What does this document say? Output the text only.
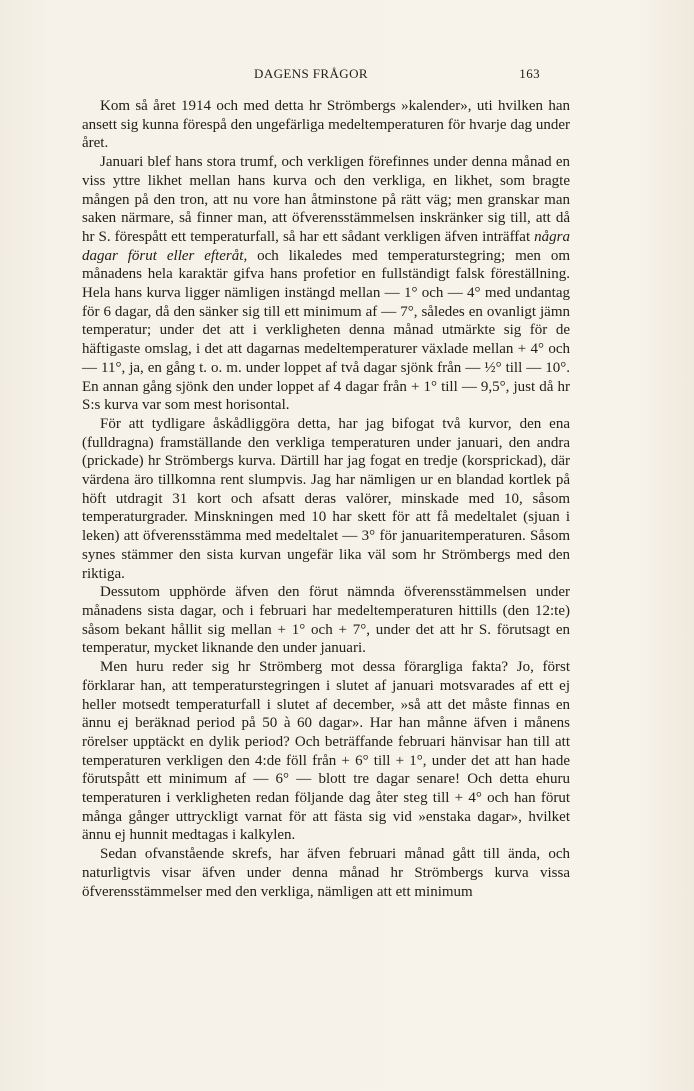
DAGENS FRÅGOR	163

Kom så året 1914 och med detta hr Strömbergs »kalender», uti hvilken han ansett sig kunna förespå den ungefärliga medeltemperaturen för hvarje dag under året.

Januari blef hans stora trumf, och verkligen förefinnes under denna månad en viss yttre likhet mellan hans kurva och den verkliga, en likhet, som bragte mången på den tron, att nu vore han åtminstone på rätt väg; men granskar man saken närmare, så finner man, att öfverensstämmelsen inskränker sig till, att då hr S. förespått ett temperaturfall, så har ett sådant verkligen äfven inträffat några dagar förut eller efteråt, och likaledes med temperaturstegring; men om månadens hela karaktär gifva hans profetior en fullständigt falsk föreställning. Hela hans kurva ligger nämligen instängd mellan — 1° och — 4° med undantag för 6 dagar, då den sänker sig till ett minimum af — 7°, således en ovanligt jämn temperatur; under det att i verkligheten denna månad utmärkte sig för de häftigaste omslag, i det att dagarnas medeltemperaturer växlade mellan + 4° och — 11°, ja, en gång t. o. m. under loppet af två dagar sjönk från — ½° till — 10°. En annan gång sjönk den under loppet af 4 dagar från + 1° till — 9,5°, just då hr S:s kurva var som mest horisontal.

För att tydligare åskådliggöra detta, har jag bifogat två kurvor, den ena (fulldragna) framställande den verkliga temperaturen under januari, den andra (prickade) hr Strömbergs kurva. Därtill har jag fogat en tredje (korsprickad), där värdena äro tillkomna rent slumpvis. Jag har nämligen ur en blandad kortlek på höft utdragit 31 kort och afsatt deras valörer, minskade med 10, såsom temperaturgrader. Minskningen med 10 har skett för att få medeltalet (sjuan i leken) att öfverensstämma med medeltalet — 3° för januaritemperaturen. Såsom synes stämmer den sista kurvan ungefär lika väl som hr Strömbergs med den riktiga.

Dessutom upphörde äfven den förut nämnda öfverensstämmelsen under månadens sista dagar, och i februari har medeltemperaturen hittills (den 12:te) såsom bekant hållit sig mellan + 1° och + 7°, under det att hr S. förutsagt en temperatur, mycket liknande den under januari.

Men huru reder sig hr Strömberg mot dessa förargliga fakta? Jo, först förklarar han, att temperaturstegringen i slutet af januari motsvarades af ett ej heller motsedt temperaturfall i slutet af december, »så att det måste finnas en ännu ej beräknad period på 50 à 60 dagar». Har han månne äfven i månens rörelser upptäckt en dylik period? Och beträffande februari hänvisar han till att temperaturen verkligen den 4:de föll från + 6° till + 1°, under det att han hade förutspått ett minimum af — 6° — blott tre dagar senare! Och detta ehuru temperaturen i verkligheten redan följande dag åter steg till + 4° och han förut många gånger uttryckligt varnat för att fästa sig vid »enstaka dagar», hvilket ännu ej hunnit medtagas i kalkylen.

Sedan ofvanstående skrefs, har äfven februari månad gått till ända, och naturligtvis visar äfven under denna månad hr Strömbergs kurva vissa öfverensstämmelser med den verkliga, nämligen att ett minimum
